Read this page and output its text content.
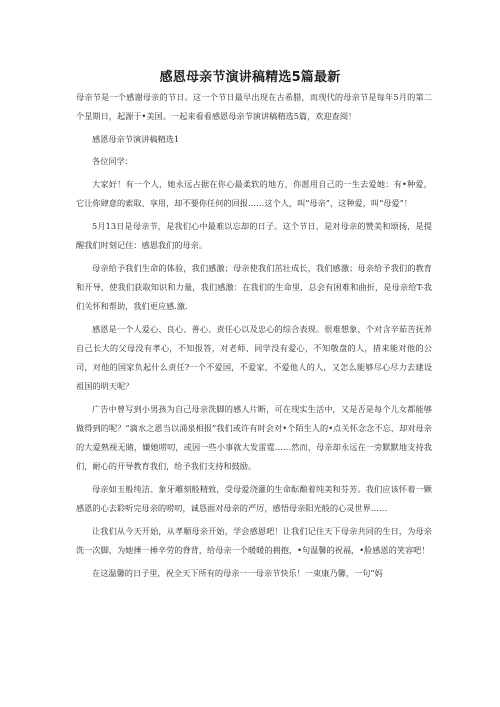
感恩母亲节演讲稿精选5篇最新

母亲节是一个感谢母亲的节日。这一个节日最早出现在古希腊，而现代的母亲节是每年5月的第二个星期日，起源于•美国。一起来看看感恩母亲节演讲稿精选5篇，欢迎查阅！

感恩母亲节演讲稿精选1

各位同学：

大家好！有一个人，她永远占据在你心最柔软的地方，你愿用自己的一生去爱她：有•种爱，它让你肆意的索取、享用，却不要你任何的回报……这个人，叫“母亲”，这种爱，叫“母爱”！

5月13日是母亲节，是我们心中最难以忘却的日子。这个节日，是对母亲的赞美和颂扬，是提醒我们时刻记住：感恩我们的母亲。

母亲给予我们生命的体验，我们感激；母亲使我们茁壮成长，我们感激；母亲给予我们的教育和开导，使我们获取知识和力量，我们感激：在我们的生命里，总会有困难和曲折，是母亲给T-我们关怀和帮助，我们更应感.激.

感恩是一个人爱心、良心、善心、责任心以及忠心的综合表现。很难想象，个对含辛茹苦抚养自己长大的父母没有孝心，不知报答，对老师、同学没有爱心，不知敬盘的人，措来能对他的公司，对他的国家负起什么责任?一个不爱国，不爱家，不爱他人的人，又怎么能够尽心尽力去建设祖国的明天呢？

广告中曾写到小男孩为自己母亲洗脚的感人片断，可在现实生活中，又是否是每个儿女都能够做得到的呢？“滴水之恩当以涌泉相报”我们或许有时会对•个陌生人的•点关怀念念不忘，却对母亲的大爱熟视无睹，嫌她唠叨，或因一些小事就大发雷霆……然而，母亲却永远在一旁默默地支持我们，耐心的开导教育我们，给予我们支持和鼓励。

母亲如玉般纯洁、象牙雕刻般精致，受母爱浇灌的生命酝酿着纯美和芬芳。我们应该怀着一颗感恩的心去聆听完母亲的唠叨，诚恳面对母亲的严厉，感悟母亲阳光般的心灵世界……

让我们从今天开始，从孝顺母亲开始，学会感恩吧！让我们记住天下母亲共同的生日，为母亲洗一次脚，为她捶一捶辛劳的脊背，给母亲一个暖暖的拥抱，•句温馨的祝福，•脸感恩的笑容吧！

在这温馨的日子里，祝全天下所有的母亲一一母亲节快乐！一束康乃馨，一句“妈
